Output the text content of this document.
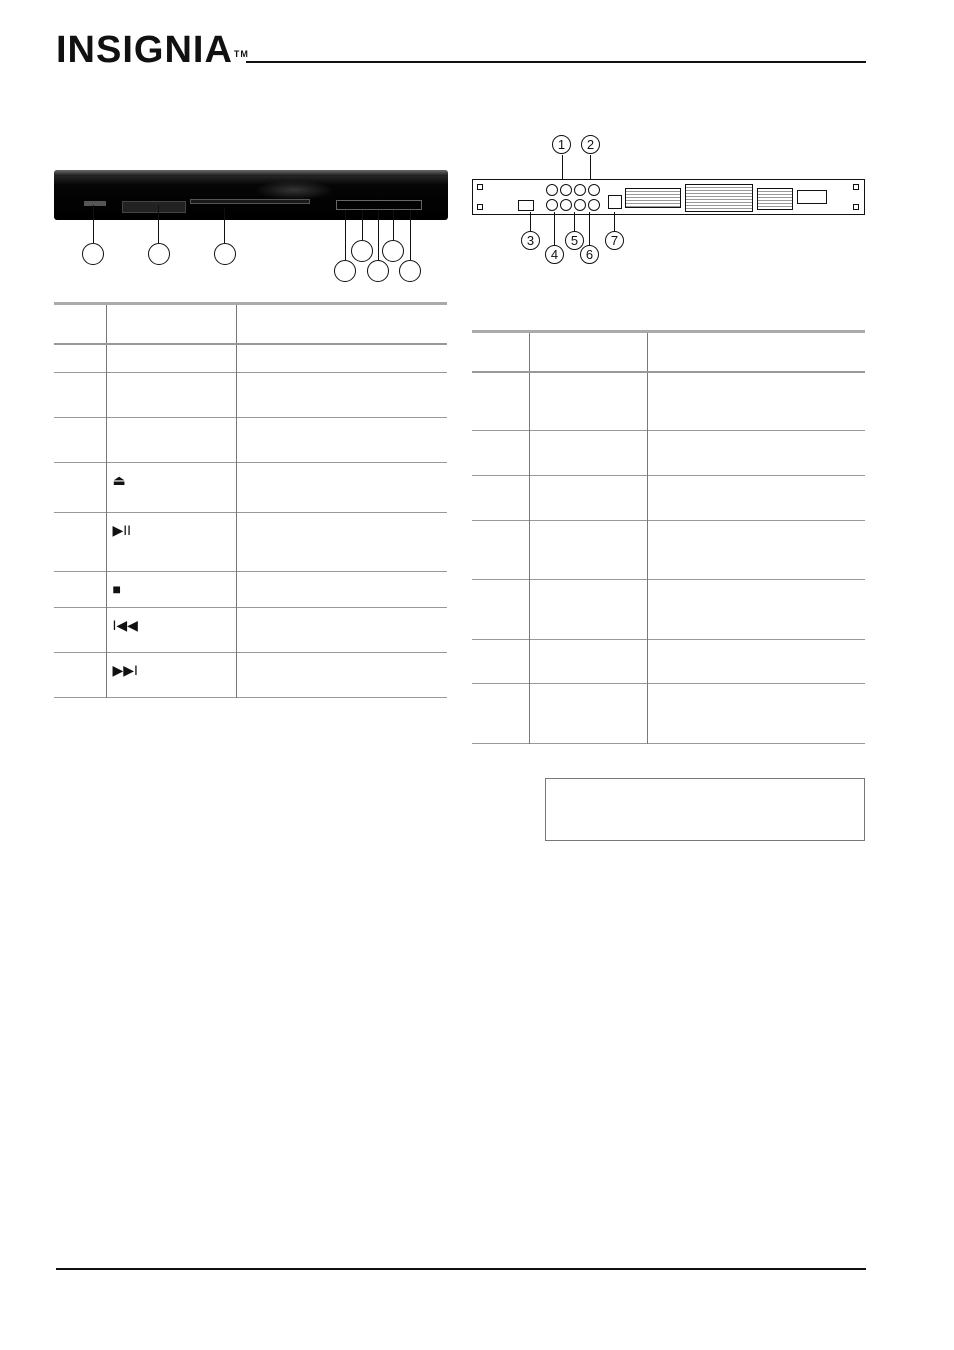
INSIGNIA™

	⏏	
	▶II	
	■	
	I◀◀	
	▶▶I	
1	2
3
4
5
6
7
